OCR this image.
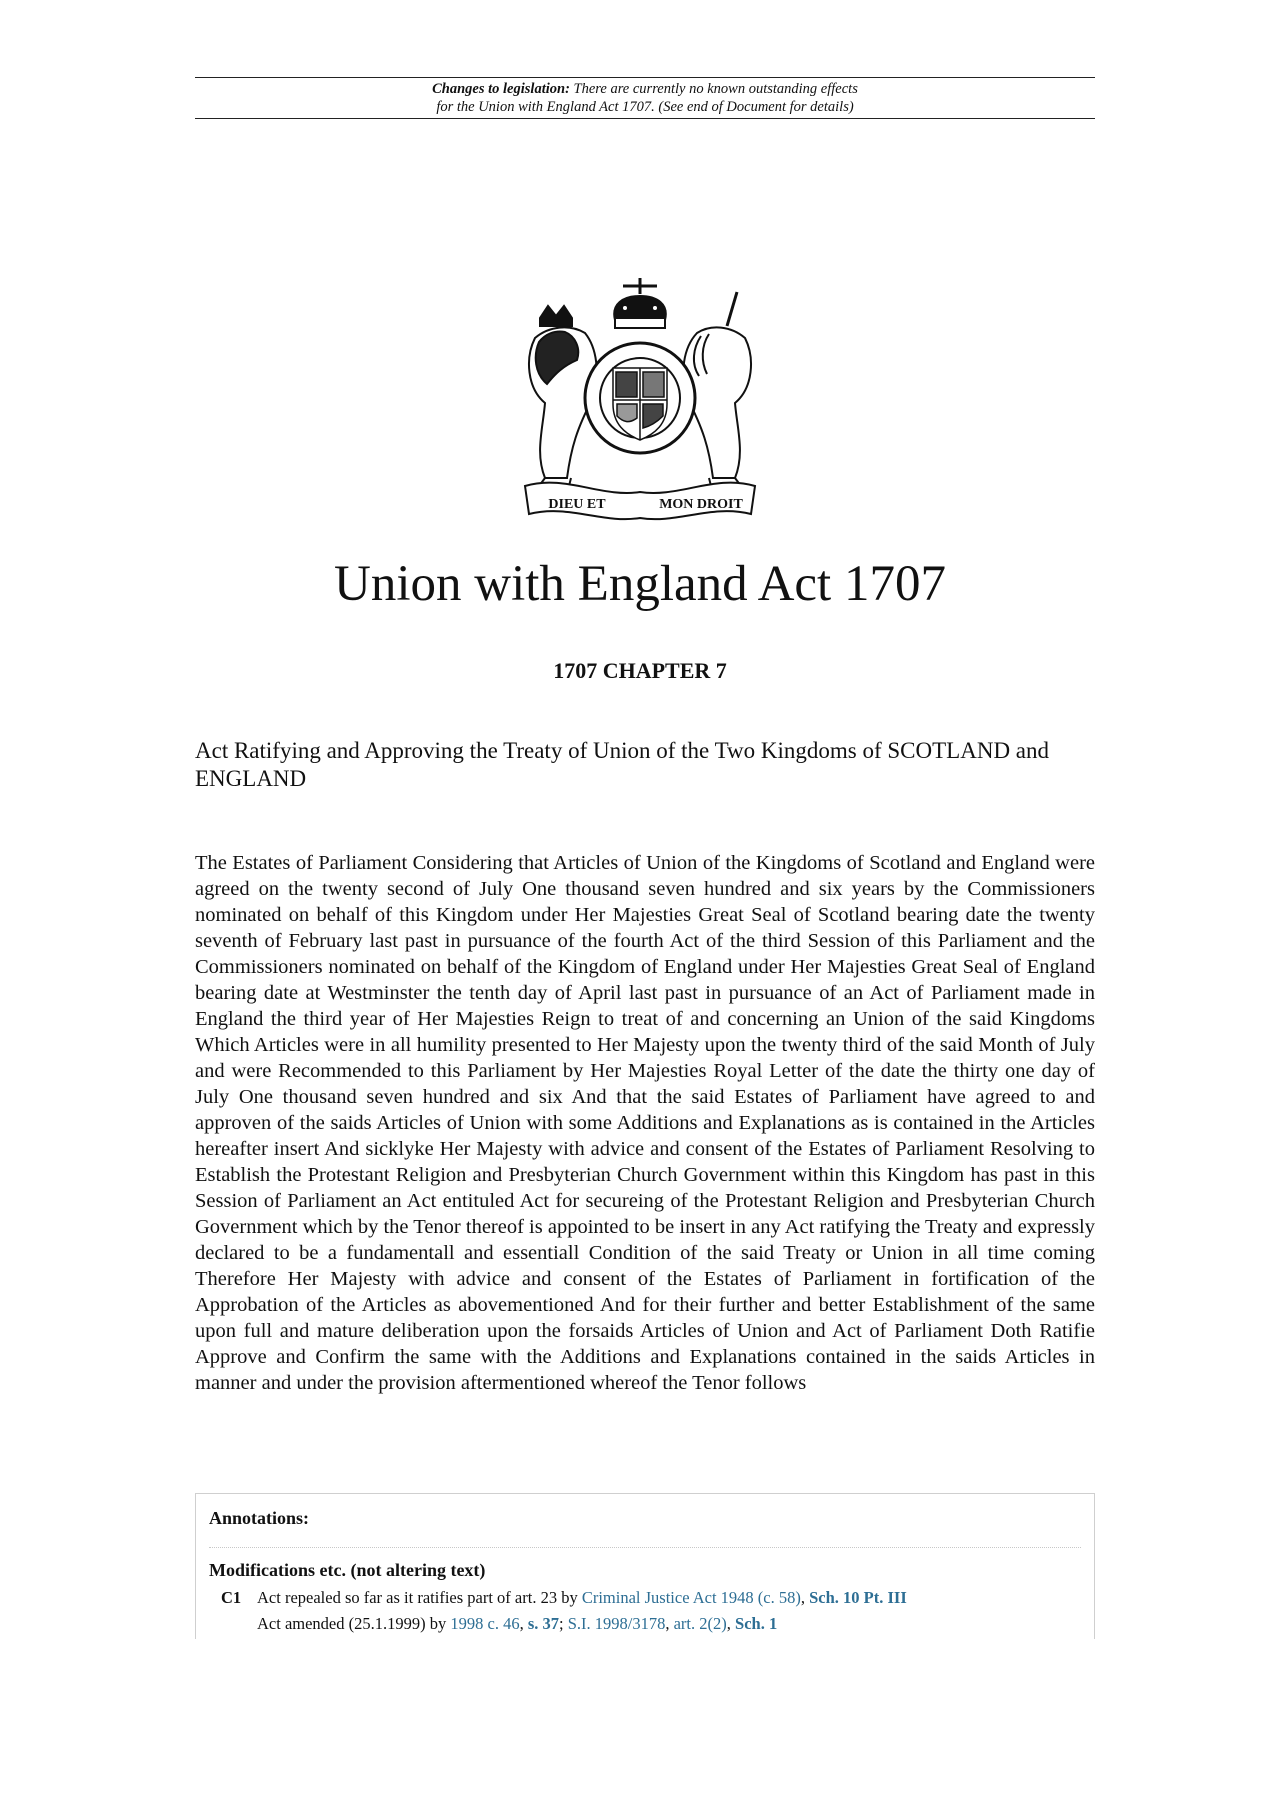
Changes to legislation: There are currently no known outstanding effects
for the Union with England Act 1707. (See end of Document for details)
DIEU ET	MON DROIT
Union with England Act 1707
1707 CHAPTER 7
Act Ratifying and Approving the Treaty of Union of the Two Kingdoms of SCOTLAND and ENGLAND
The Estates of Parliament Considering that Articles of Union of the Kingdoms of Scotland and England were agreed on the twenty second of July One thousand seven hundred and six years by the Commissioners nominated on behalf of this Kingdom under Her Majesties Great Seal of Scotland bearing date the twenty seventh of February last past in pursuance of the fourth Act of the third Session of this Parliament and the Commissioners nominated on behalf of the Kingdom of England under Her Majesties Great Seal of England bearing date at Westminster the tenth day of April last past in pursuance of an Act of Parliament made in England the third year of Her Majesties Reign to treat of and concerning an Union of the said Kingdoms Which Articles were in all humility presented to Her Majesty upon the twenty third of the said Month of July and were Recommended to this Parliament by Her Majesties Royal Letter of the date the thirty one day of July One thousand seven hundred and six And that the said Estates of Parliament have agreed to and approven of the saids Articles of Union with some Additions and Explanations as is contained in the Articles hereafter insert And sicklyke Her Majesty with advice and consent of the Estates of Parliament Resolving to Establish the Protestant Religion and Presbyterian Church Government within this Kingdom has past in this Session of Parliament an Act entituled Act for secureing of the Protestant Religion and Presbyterian Church Government which by the Tenor thereof is appointed to be insert in any Act ratifying the Treaty and expressly declared to be a fundamentall and essentiall Condition of the said Treaty or Union in all time coming Therefore Her Majesty with advice and consent of the Estates of Parliament in fortification of the Approbation of the Articles as abovementioned And for their further and better Establishment of the same upon full and mature deliberation upon the forsaids Articles of Union and Act of Parliament Doth Ratifie Approve and Confirm the same with the Additions and Explanations contained in the saids Articles in manner and under the provision aftermentioned whereof the Tenor follows
Annotations:
Modifications etc. (not altering text)
C1 Act repealed so far as it ratifies part of art. 23 by Criminal Justice Act 1948 (c. 58), Sch. 10 Pt. III
Act amended (25.1.1999) by 1998 c. 46, s. 37; S.I. 1998/3178, art. 2(2), Sch. 1
